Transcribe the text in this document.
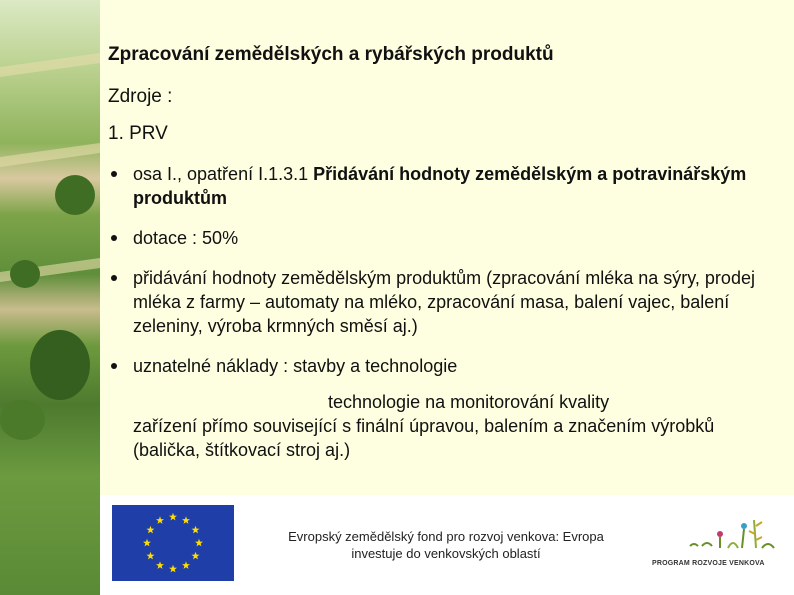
Zpracování zemědělských a rybářských produktů
Zdroje :
1. PRV
osa I., opatření I.1.3.1 Přidávání hodnoty zemědělským a potravinářským produktům
dotace : 50%
přidávání hodnoty zemědělským produktům (zpracování mléka na sýry, prodej mléka z farmy – automaty na mléko, zpracování masa, balení vajec, balení zeleniny, výroba krmných směsí aj.)
uznatelné náklady : stavby a technologie
technologie na monitorování kvality
zařízení přímo související s finální úpravou, balením a značením výrobků (balička, štítkovací stroj aj.)
Evropský zemědělský fond pro rozvoj venkova: Evropa
investuje do venkovských oblastí
PROGRAM ROZVOJE VENKOVA
